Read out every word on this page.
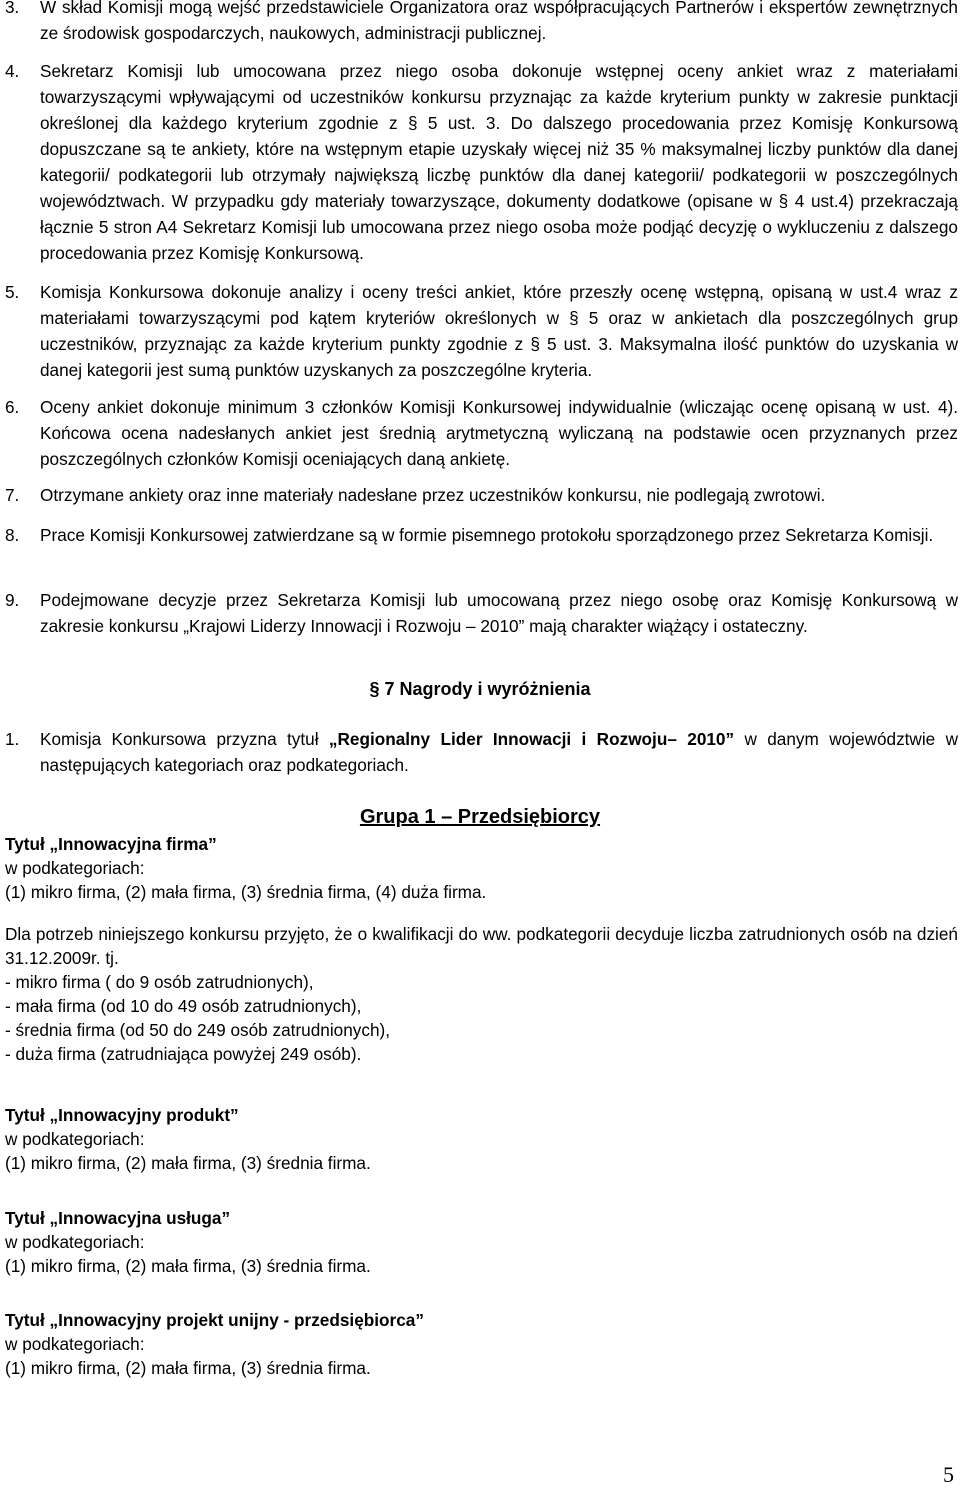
3.	W skład Komisji mogą wejść przedstawiciele Organizatora oraz współpracujących Partnerów i ekspertów zewnętrznych ze środowisk gospodarczych, naukowych, administracji publicznej.
4.	Sekretarz Komisji lub umocowana przez niego osoba dokonuje wstępnej oceny ankiet wraz z materiałami towarzyszącymi wpływającymi od uczestników konkursu przyznając za każde kryterium punkty w zakresie punktacji określonej dla każdego kryterium zgodnie z § 5 ust. 3. Do dalszego procedowania przez Komisję Konkursową dopuszczane są te ankiety, które na wstępnym etapie uzyskały więcej niż 35 % maksymalnej liczby punktów dla danej kategorii/ podkategorii lub otrzymały największą liczbę punktów dla danej kategorii/ podkategorii w poszczególnych województwach. W przypadku gdy materiały towarzyszące, dokumenty dodatkowe (opisane w § 4 ust.4) przekraczają łącznie 5 stron A4 Sekretarz Komisji lub umocowana przez niego osoba może podjąć decyzję o wykluczeniu z dalszego procedowania przez Komisję Konkursową.
5.	Komisja Konkursowa dokonuje analizy i oceny treści ankiet, które przeszły ocenę wstępną, opisaną w ust.4 wraz z materiałami towarzyszącymi pod kątem kryteriów określonych w § 5 oraz w ankietach dla poszczególnych grup uczestników, przyznając za każde kryterium punkty zgodnie z § 5 ust. 3. Maksymalna ilość punktów do uzyskania w danej kategorii jest sumą punktów uzyskanych za poszczególne kryteria.
6.	Oceny ankiet dokonuje minimum 3 członków Komisji Konkursowej indywidualnie (wliczając ocenę opisaną w ust. 4). Końcowa ocena nadesłanych ankiet jest średnią arytmetyczną wyliczaną na podstawie ocen przyznanych przez poszczególnych członków Komisji oceniających daną ankietę.
7.	Otrzymane ankiety oraz inne materiały nadesłane przez uczestników konkursu, nie podlegają zwrotowi.
8.	Prace Komisji Konkursowej zatwierdzane są w formie pisemnego protokołu sporządzonego przez Sekretarza Komisji.
9.	Podejmowane decyzje przez Sekretarza Komisji lub umocowaną przez niego osobę oraz Komisję Konkursową w zakresie konkursu „Krajowi Liderzy Innowacji i Rozwoju – 2010” mają charakter wiążący i ostateczny.
§ 7 Nagrody i wyróżnienia
1.	Komisja Konkursowa przyzna tytuł „Regionalny Lider Innowacji i Rozwoju– 2010” w danym województwie w następujących kategoriach oraz podkategoriach.
Grupa 1 – Przedsiębiorcy
Tytuł „Innowacyjna firma”
w podkategoriach:
(1) mikro firma, (2) mała firma, (3) średnia firma, (4) duża firma.
Dla potrzeb niniejszego konkursu przyjęto, że o kwalifikacji do ww. podkategorii decyduje liczba zatrudnionych osób na dzień 31.12.2009r. tj.
- mikro firma ( do 9 osób zatrudnionych),
- mała firma (od 10 do 49 osób zatrudnionych),
- średnia firma (od 50 do 249 osób zatrudnionych),
- duża firma (zatrudniająca powyżej 249 osób).
Tytuł „Innowacyjny produkt”
w podkategoriach:
(1) mikro firma, (2) mała firma, (3) średnia firma.
Tytuł „Innowacyjna usługa”
w podkategoriach:
(1) mikro firma, (2) mała firma, (3) średnia firma.
Tytuł „Innowacyjny projekt unijny - przedsiębiorca”
w podkategoriach:
(1) mikro firma, (2) mała firma, (3) średnia firma.
5
